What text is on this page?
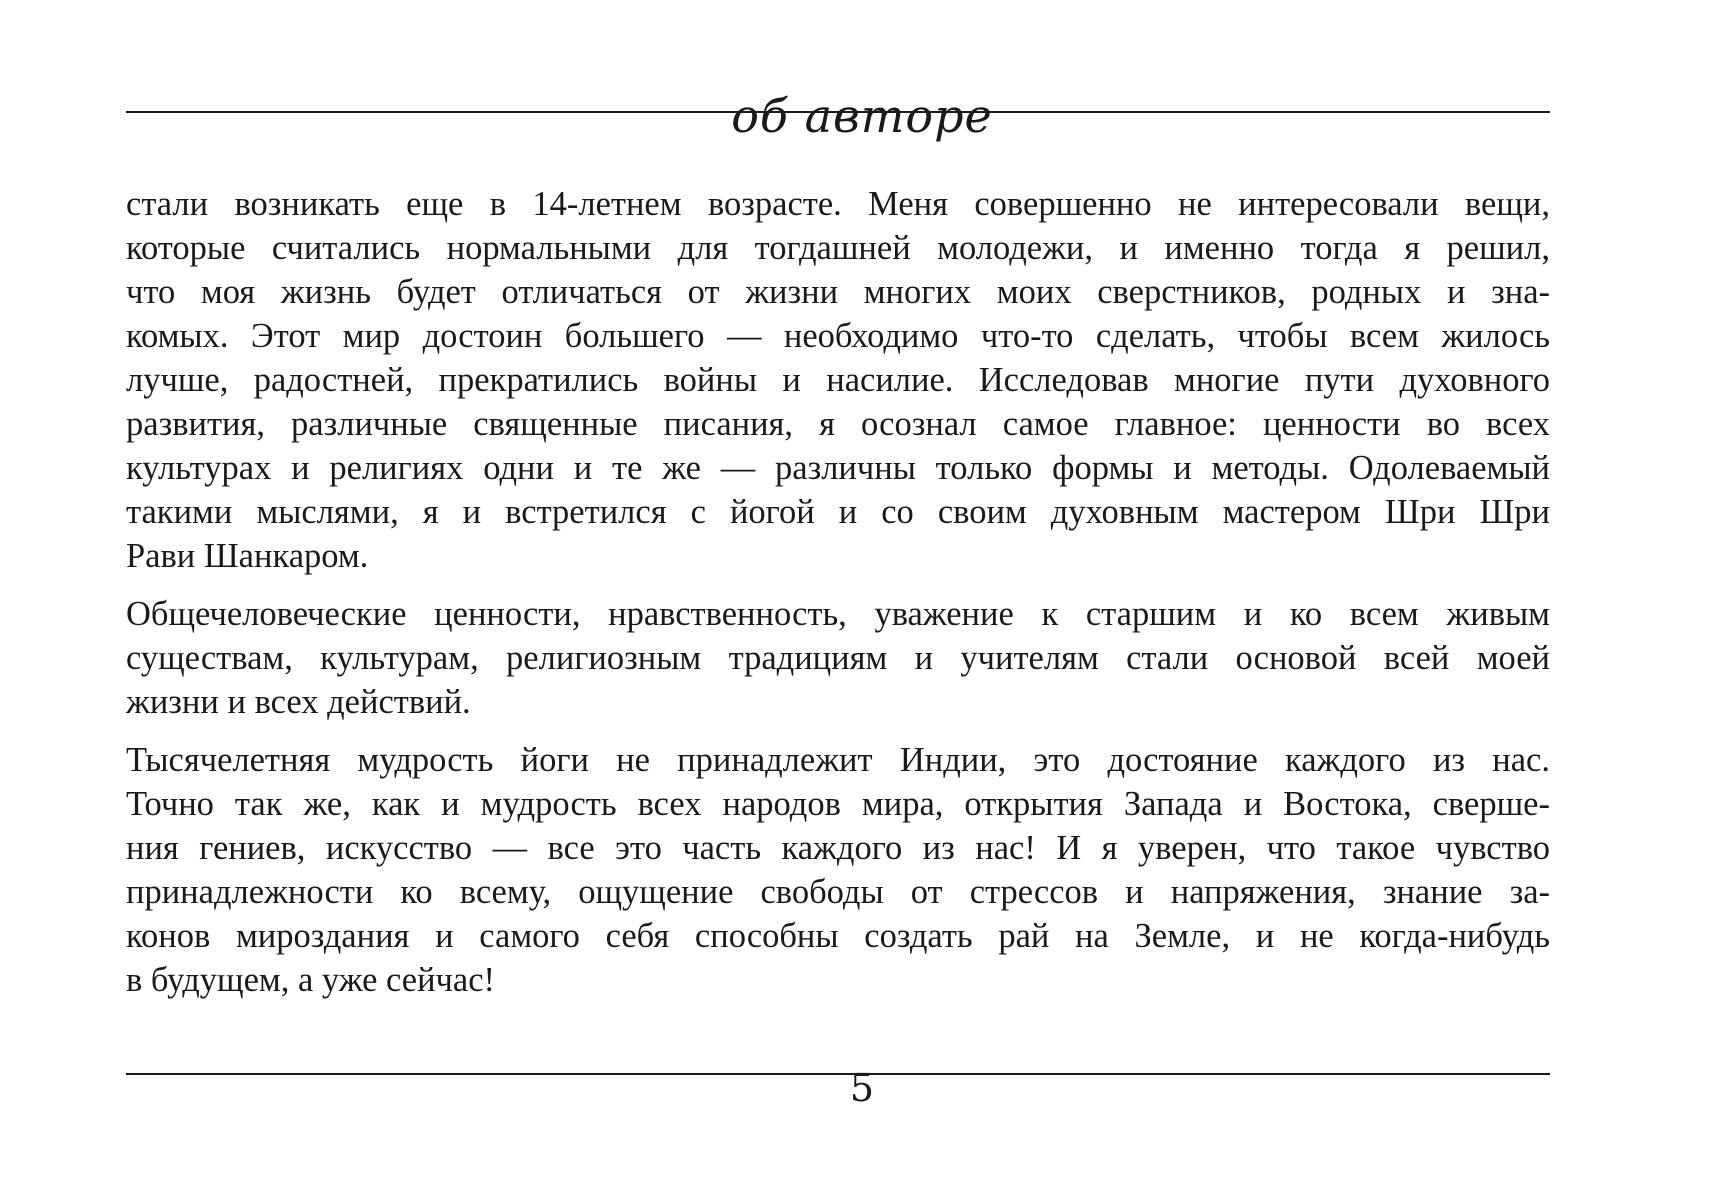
об авторе

стали возникать еще в 14-летнем возрасте. Меня совершенно не интересовали вещи,
которые считались нормальными для тогдашней молодежи, и именно тогда я решил,
что моя жизнь будет отличаться от жизни многих моих сверстников, родных и зна-
комых. Этот мир достоин большего — необходимо что-то сделать, чтобы всем жилось
лучше, радостней, прекратились войны и насилие. Исследовав многие пути духовного
развития, различные священные писания, я осознал самое главное: ценности во всех
культурах и религиях одни и те же — различны только формы и методы. Одолеваемый
такими мыслями, я и встретился с йогой и со своим духовным мастером Шри Шри
Рави Шанкаром.

Общечеловеческие ценности, нравственность, уважение к старшим и ко всем живым
существам, культурам, религиозным традициям и учителям стали основой всей моей
жизни и всех действий.

Тысячелетняя мудрость йоги не принадлежит Индии, это достояние каждого из нас.
Точно так же, как и мудрость всех народов мира, открытия Запада и Востока, сверше-
ния гениев, искусство — все это часть каждого из нас! И я уверен, что такое чувство
принадлежности ко всему, ощущение свободы от стрессов и напряжения, знание за-
конов мироздания и самого себя способны создать рай на Земле, и не когда-нибудь
в будущем, а уже сейчас!

5
